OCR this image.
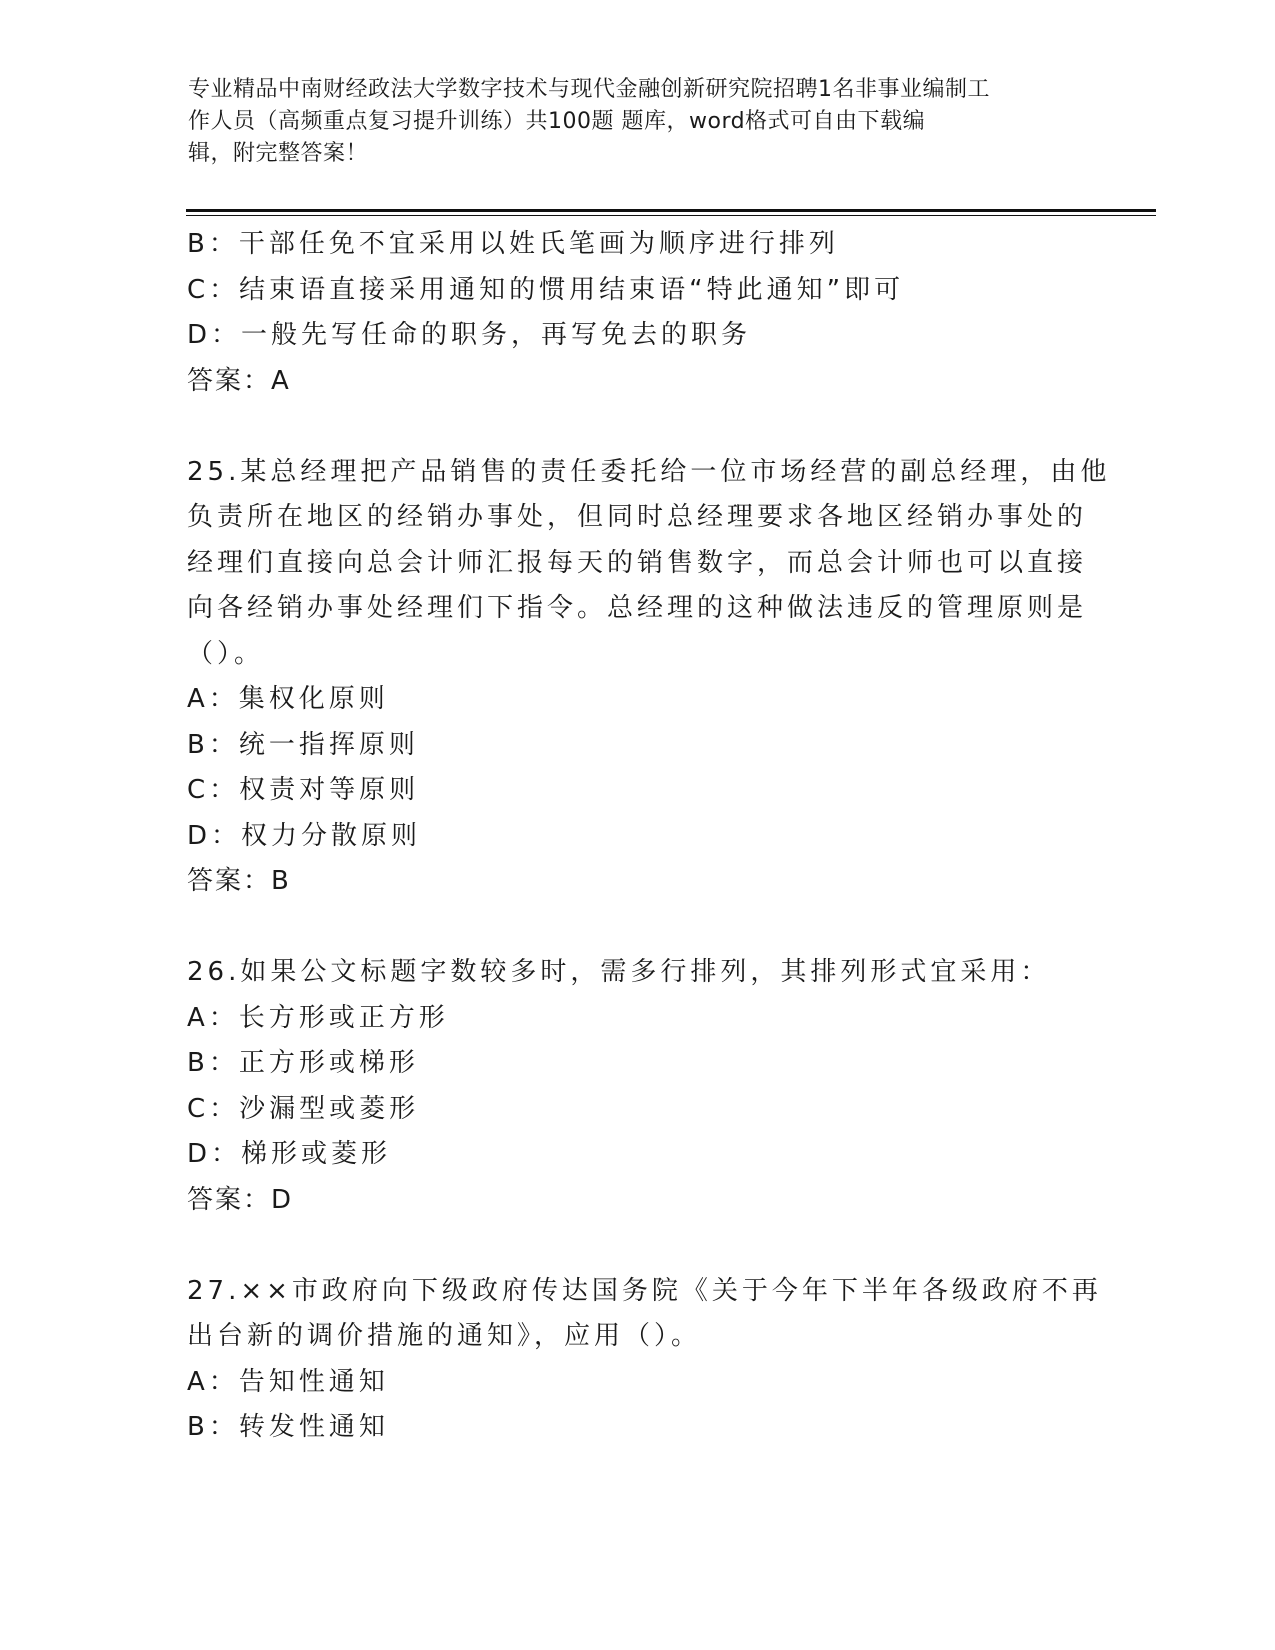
专业精品中南财经政法大学数字技术与现代金融创新研究院招聘1名非事业编制工
作人员（高频重点复习提升训练）共100题 题库，word格式可自由下载编
辑，附完整答案！
B：干部任免不宜采用以姓氏笔画为顺序进行排列
C：结束语直接采用通知的惯用结束语“特此通知”即可
D：一般先写任命的职务，再写免去的职务
答案：A
25.某总经理把产品销售的责任委托给一位市场经营的副总经理，由他
负责所在地区的经销办事处，但同时总经理要求各地区经销办事处的
经理们直接向总会计师汇报每天的销售数字，而总会计师也可以直接
向各经销办事处经理们下指令。总经理的这种做法违反的管理原则是
（）。
A：集权化原则
B：统一指挥原则
C：权责对等原则
D：权力分散原则
答案：B
26.如果公文标题字数较多时，需多行排列，其排列形式宜采用：
A：长方形或正方形
B：正方形或梯形
C：沙漏型或菱形
D：梯形或菱形
答案：D
27.××市政府向下级政府传达国务院《关于今年下半年各级政府不再
出台新的调价措施的通知》，应用（）。
A：告知性通知
B：转发性通知
